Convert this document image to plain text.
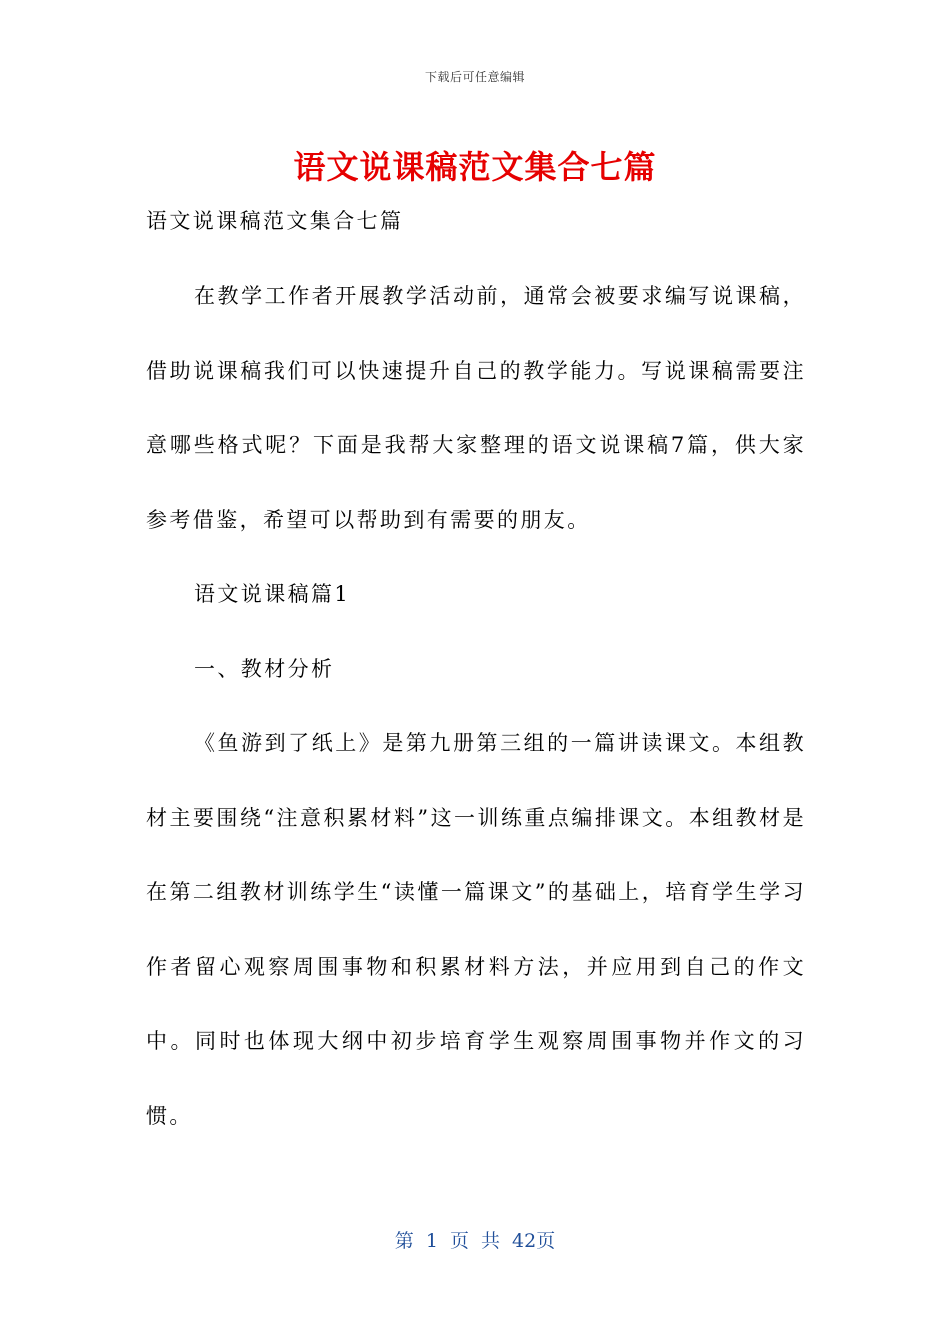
下载后可任意编辑
语文说课稿范文集合七篇
语文说课稿范文集合七篇

在教学工作者开展教学活动前，通常会被要求编写说课稿，借助说课稿我们可以快速提升自己的教学能力。写说课稿需要注意哪些格式呢？下面是我帮大家整理的语文说课稿7篇，供大家参考借鉴，希望可以帮助到有需要的朋友。

语文说课稿篇1

一、教材分析

《鱼游到了纸上》是第九册第三组的一篇讲读课文。本组教材主要围绕“注意积累材料”这一训练重点编排课文。本组教材是在第二组教材训练学生“读懂一篇课文”的基础上，培育学生学习作者留心观察周围事物和积累材料方法，并应用到自己的作文中。同时也体现大纲中初步培育学生观察周围事物并作文的习惯。

第 1 页 共 42页
